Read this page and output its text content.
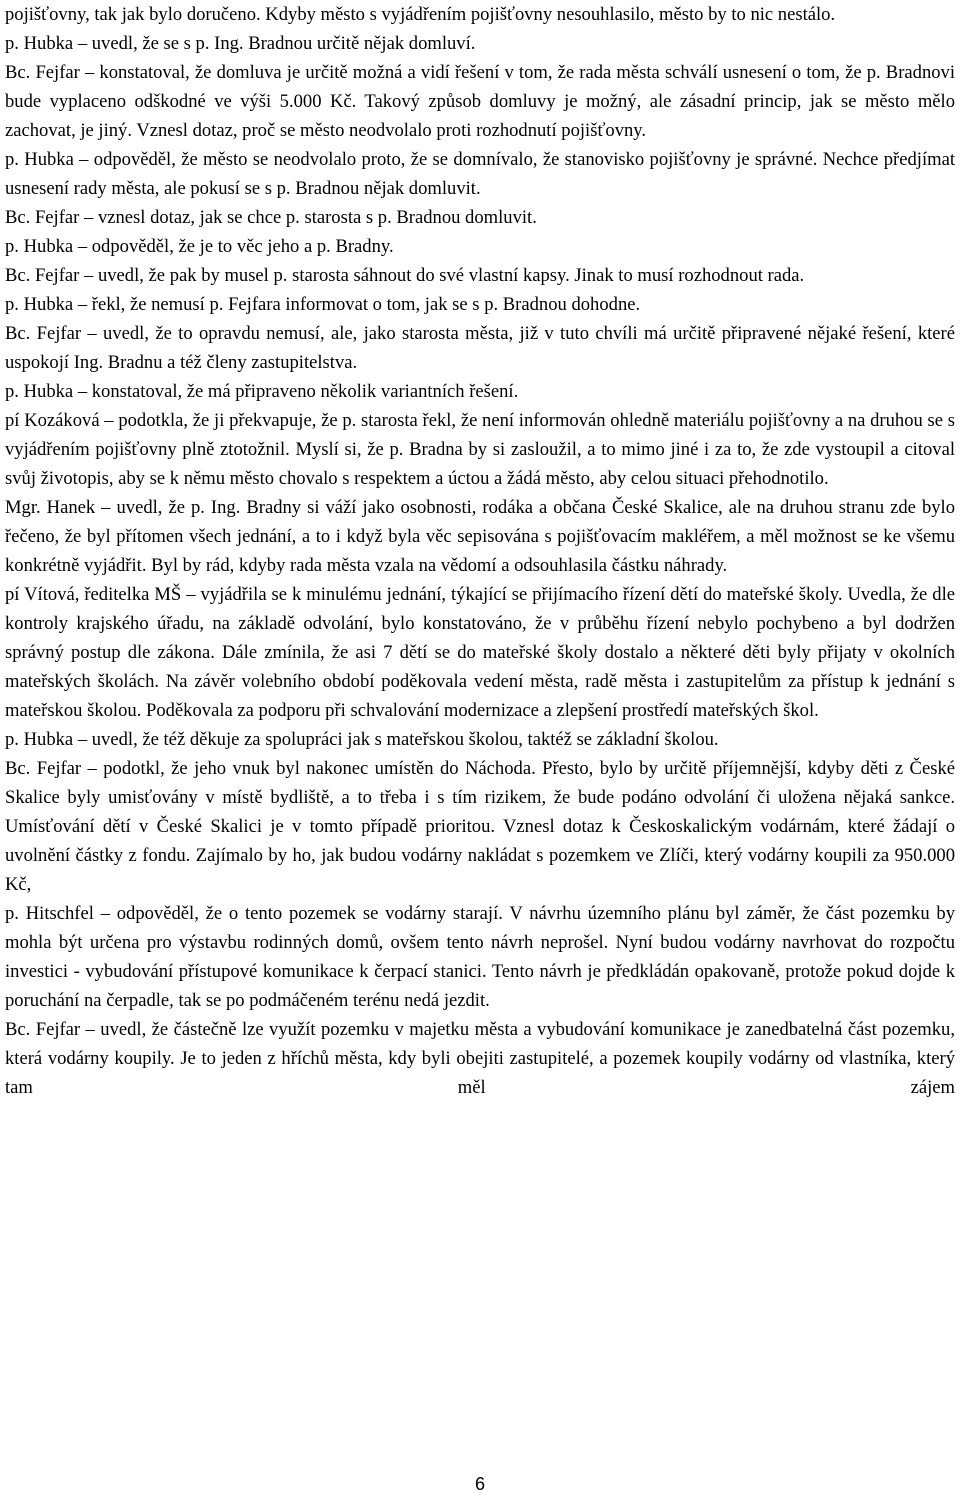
pojišťovny, tak jak bylo doručeno. Kdyby město s vyjádřením pojišťovny nesouhlasilo, město by to nic nestálo.

p. Hubka – uvedl, že se s p. Ing. Bradnou určitě nějak domluví.

Bc. Fejfar – konstatoval, že domluva je určitě možná a vidí řešení v tom, že rada města schválí usnesení o tom, že p. Bradnovi bude vyplaceno odškodné ve výši 5.000 Kč. Takový způsob domluvy je možný, ale zásadní princip, jak se město mělo zachovat, je jiný. Vznesl dotaz, proč se město neodvolalo proti rozhodnutí pojišťovny.

p. Hubka – odpověděl, že město se neodvolalo proto, že se domnívalo, že stanovisko pojišťovny je správné. Nechce předjímat usnesení rady města, ale pokusí se s p. Bradnou nějak domluvit.

Bc. Fejfar – vznesl dotaz, jak se chce p. starosta s p. Bradnou domluvit.

p. Hubka – odpověděl, že je to věc jeho a p. Bradny.

Bc. Fejfar – uvedl, že pak by musel p. starosta sáhnout do své vlastní kapsy. Jinak to musí rozhodnout rada.

p. Hubka – řekl, že nemusí p. Fejfara informovat o tom, jak se s p. Bradnou dohodne.

Bc. Fejfar – uvedl, že to opravdu nemusí, ale, jako starosta města, již v tuto chvíli má určitě připravené nějaké řešení, které uspokojí Ing. Bradnu a též členy zastupitelstva.

p. Hubka – konstatoval, že má připraveno několik variantních řešení.

pí Kozáková – podotkla, že ji překvapuje, že p. starosta řekl, že není informován ohledně materiálu pojišťovny a na druhou se s vyjádřením pojišťovny plně ztotožnil. Myslí si, že p. Bradna by si zasloužil, a to mimo jiné i za to, že zde vystoupil a citoval svůj životopis, aby se k němu město chovalo s respektem a úctou a žádá město, aby celou situaci přehodnotilo.

Mgr. Hanek – uvedl, že p. Ing. Bradny si váží jako osobnosti, rodáka a občana České Skalice, ale na druhou stranu zde bylo řečeno, že byl přítomen všech jednání, a to i když byla věc sepisována s pojišťovacím makléřem, a měl možnost se ke všemu konkrétně vyjádřit. Byl by rád, kdyby rada města vzala na vědomí a odsouhlasila částku náhrady.

pí Vítová, ředitelka MŠ – vyjádřila se k minulému jednání, týkající se přijímacího řízení dětí do mateřské školy. Uvedla, že dle kontroly krajského úřadu, na základě odvolání, bylo konstatováno, že v průběhu řízení nebylo pochybeno a byl dodržen správný postup dle zákona. Dále zmínila, že asi 7 dětí se do mateřské školy dostalo a některé děti byly přijaty v okolních mateřských školách. Na závěr volebního období poděkovala vedení města, radě města i zastupitelům za přístup k jednání s mateřskou školou. Poděkovala za podporu při schvalování modernizace a zlepšení prostředí mateřských škol.

p. Hubka – uvedl, že též děkuje za spolupráci jak s mateřskou školou, taktéž se základní školou.

Bc. Fejfar – podotkl, že jeho vnuk byl nakonec umístěn do Náchoda. Přesto, bylo by určitě příjemnější, kdyby děti z České Skalice byly umisťovány v místě bydliště, a to třeba i s tím rizikem, že bude podáno odvolání či uložena nějaká sankce. Umísťování dětí v České Skalici je v tomto případě prioritou. Vznesl dotaz k Českoskalickým vodárnám, které žádají o uvolnění částky z fondu. Zajímalo by ho, jak budou vodárny nakládat s pozemkem ve Zlíči, který vodárny koupili za 950.000 Kč,

p. Hitschfel – odpověděl, že o tento pozemek se vodárny starají. V návrhu územního plánu byl záměr, že část pozemku by mohla být určena pro výstavbu rodinných domů, ovšem tento návrh neprošel. Nyní budou vodárny navrhovat do rozpočtu investici - vybudování přístupové komunikace k čerpací stanici. Tento návrh je předkládán opakovaně, protože pokud dojde k poruchání na čerpadle, tak se po podmáčeném terénu nedá jezdit.

Bc. Fejfar – uvedl, že částečně lze využít pozemku v majetku města a vybudování komunikace je zanedbatelná část pozemku, která vodárny koupily. Je to jeden z hříchů města, kdy byli obejiti zastupitelé, a pozemek koupily vodárny od vlastníka, který tam měl zájem

6
